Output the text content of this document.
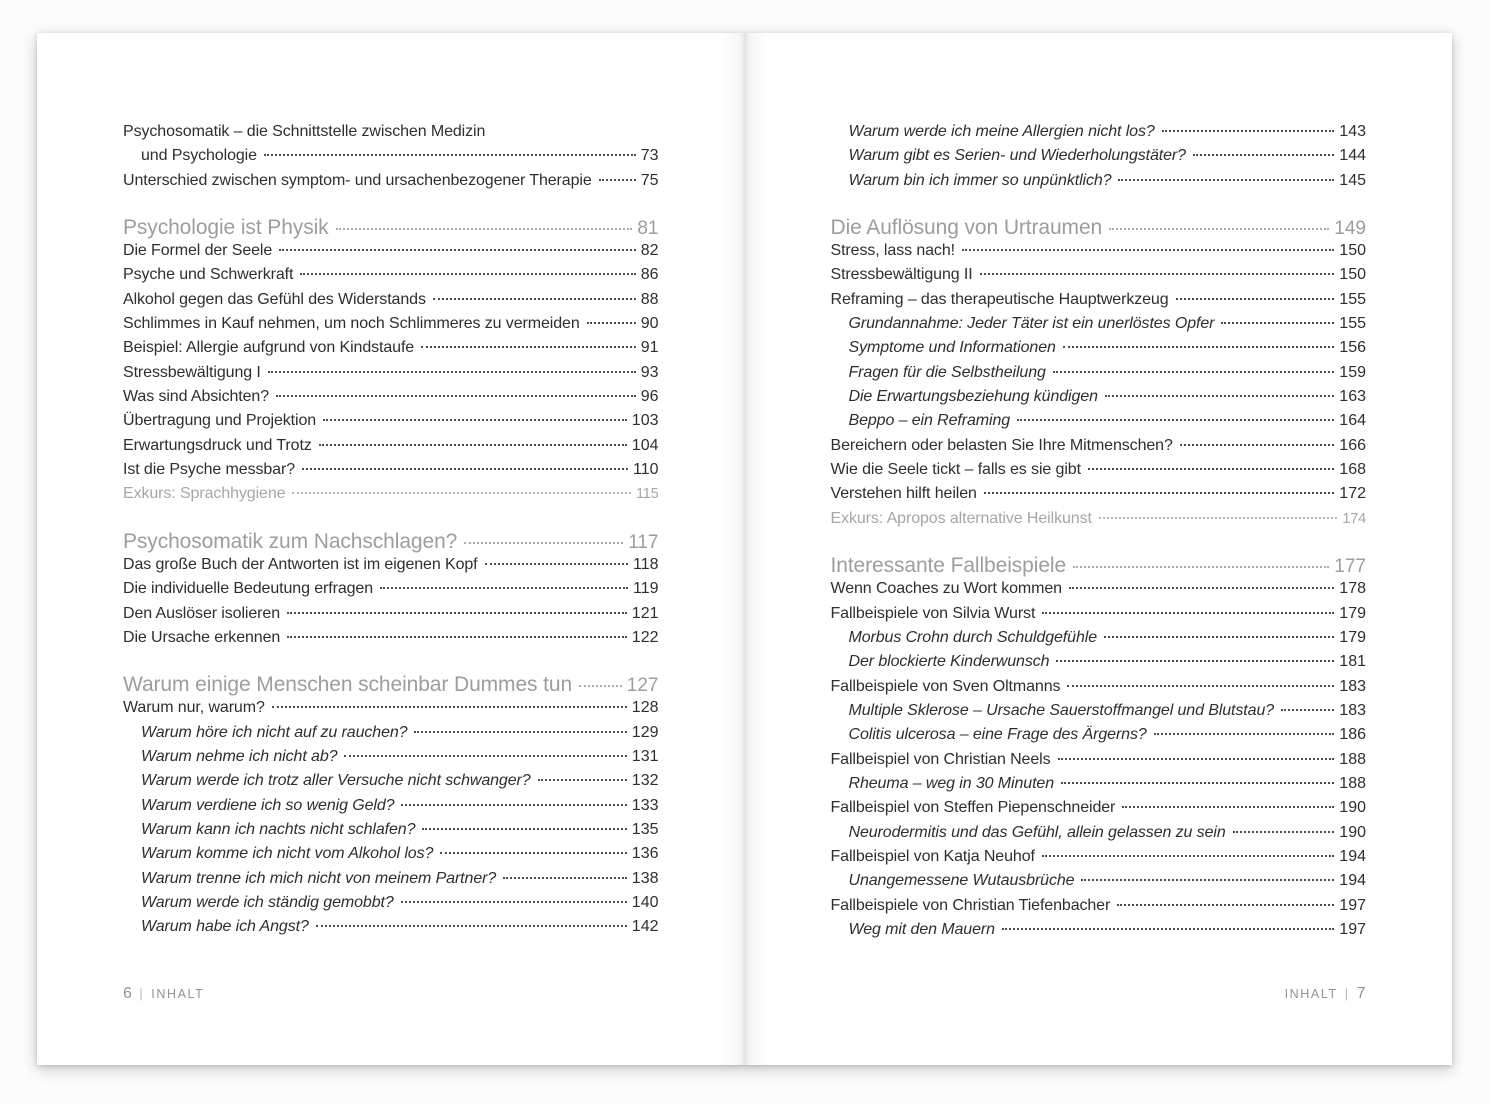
Psychosomatik – die Schnittstelle zwischen Medizin
und Psychologie	73
Unterschied zwischen symptom- und ursachenbezogener Therapie	75
Psychologie ist Physik	81
Die Formel der Seele	82
Psyche und Schwerkraft	86
Alkohol gegen das Gefühl des Widerstands	88
Schlimmes in Kauf nehmen, um noch Schlimmeres zu vermeiden	90
Beispiel: Allergie aufgrund von Kindstaufe	91
Stressbewältigung I	93
Was sind Absichten?	96
Übertragung und Projektion	103
Erwartungsdruck und Trotz	104
Ist die Psyche messbar?	110
Exkurs: Sprachhygiene	115
Psychosomatik zum Nachschlagen?	117
Das große Buch der Antworten ist im eigenen Kopf	118
Die individuelle Bedeutung erfragen	119
Den Auslöser isolieren	121
Die Ursache erkennen	122
Warum einige Menschen scheinbar Dummes tun	127
Warum nur, warum?	128
Warum höre ich nicht auf zu rauchen?	129
Warum nehme ich nicht ab?	131
Warum werde ich trotz aller Versuche nicht schwanger?	132
Warum verdiene ich so wenig Geld?	133
Warum kann ich nachts nicht schlafen?	135
Warum komme ich nicht vom Alkohol los?	136
Warum trenne ich mich nicht von meinem Partner?	138
Warum werde ich ständig gemobbt?	140
Warum habe ich Angst?	142
6 | INHALT
Warum werde ich meine Allergien nicht los?	143
Warum gibt es Serien- und Wiederholungstäter?	144
Warum bin ich immer so unpünktlich?	145
Die Auflösung von Urtraumen	149
Stress, lass nach!	150
Stressbewältigung II	150
Reframing – das therapeutische Hauptwerkzeug	155
Grundannahme: Jeder Täter ist ein unerlöstes Opfer	155
Symptome und Informationen	156
Fragen für die Selbstheilung	159
Die Erwartungsbeziehung kündigen	163
Beppo – ein Reframing	164
Bereichern oder belasten Sie Ihre Mitmenschen?	166
Wie die Seele tickt – falls es sie gibt	168
Verstehen hilft heilen	172
Exkurs: Apropos alternative Heilkunst	174
Interessante Fallbeispiele	177
Wenn Coaches zu Wort kommen	178
Fallbeispiele von Silvia Wurst	179
Morbus Crohn durch Schuldgefühle	179
Der blockierte Kinderwunsch	181
Fallbeispiele von Sven Oltmanns	183
Multiple Sklerose – Ursache Sauerstoffmangel und Blutstau?	183
Colitis ulcerosa – eine Frage des Ärgerns?	186
Fallbeispiel von Christian Neels	188
Rheuma – weg in 30 Minuten	188
Fallbeispiel von Steffen Piepenschneider	190
Neurodermitis und das Gefühl, allein gelassen zu sein	190
Fallbeispiel von Katja Neuhof	194
Unangemessene Wutausbrüche	194
Fallbeispiele von Christian Tiefenbacher	197
Weg mit den Mauern	197
INHALT | 7
